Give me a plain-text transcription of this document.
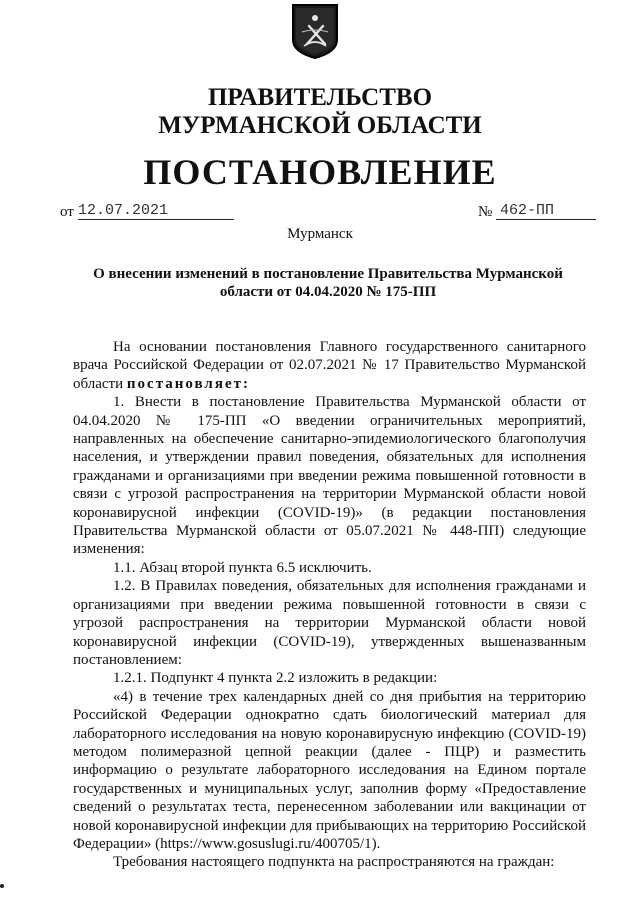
ПРАВИТЕЛЬСТВО
МУРМАНСКОЙ ОБЛАСТИ
ПОСТАНОВЛЕНИЕ
от 12.07.2021	№ 462-ПП
Мурманск
О внесении изменений в постановление Правительства Мурманской
области от 04.04.2020 № 175-ПП

На основании постановления Главного государственного санитарного врача Российской Федерации от 02.07.2021 № 17 Правительство Мурманской области постановляет:

1. Внести в постановление Правительства Мурманской области от 04.04.2020 № 175-ПП «О введении ограничительных мероприятий, направленных на обеспечение санитарно-эпидемиологического благополучия населения, и утверждении правил поведения, обязательных для исполнения гражданами и организациями при введении режима повышенной готовности в связи с угрозой распространения на территории Мурманской области новой коронавирусной инфекции (COVID-19)» (в редакции постановления Правительства Мурманской области от 05.07.2021 № 448-ПП) следующие изменения:

1.1. Абзац второй пункта 6.5 исключить.

1.2. В Правилах поведения, обязательных для исполнения гражданами и организациями при введении режима повышенной готовности в связи с угрозой распространения на территории Мурманской области новой коронавирусной инфекции (COVID-19), утвержденных вышеназванным постановлением:

1.2.1. Подпункт 4 пункта 2.2 изложить в редакции:

«4) в течение трех календарных дней со дня прибытия на территорию Российской Федерации однократно сдать биологический материал для лабораторного исследования на новую коронавирусную инфекцию (COVID-19) методом полимеразной цепной реакции (далее - ПЦР) и разместить информацию о результате лабораторного исследования на Едином портале государственных и муниципальных услуг, заполнив форму «Предоставление сведений о результатах теста, перенесенном заболевании или вакцинации от новой коронавирусной инфекции для прибывающих на территорию Российской Федерации» (https://www.gosuslugi.ru/400705/1).

Требования настоящего подпункта на распространяются на граждан:
